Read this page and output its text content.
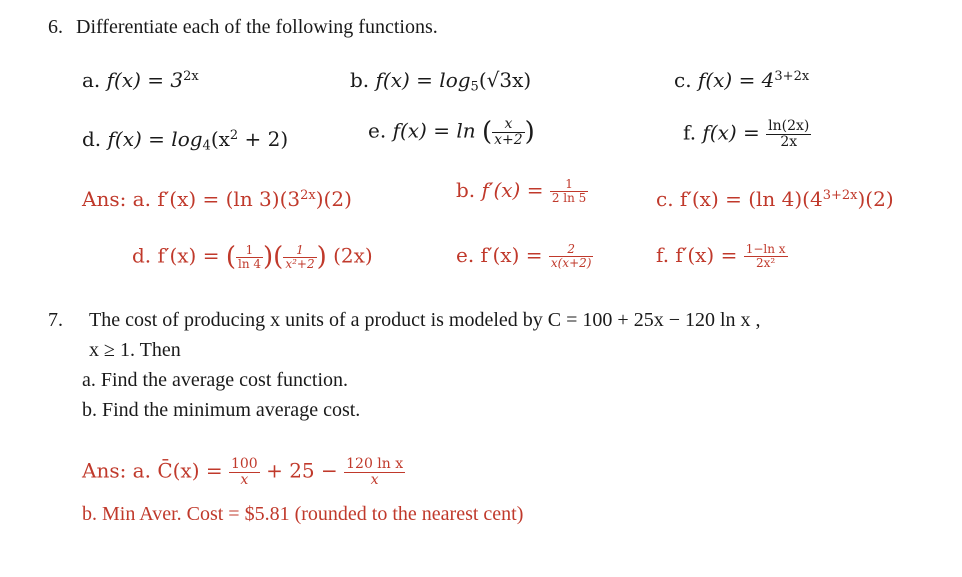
6. Differentiate each of the following functions.
a. $f(x) = 3^{2x}$	b. $f(x) = \log_5(√3x)$	c. $f(x) = 4^{3+2x}$
d. $f(x) = \log_4(x^2 + 2)$	e. f(x) = ln ( $\frac{x}{x+2}$ )	f. $f(x) = \frac{\ln(2x)}{2x}$
Ans: a. f′(x) = (ln $3)(3^{2x})(2)$	b. $f'(x) = \frac{1}{2 \ln 5}$	c. f′(x) = (ln $4)(4^{3+2x})(2)$
d. f′(x) = ( $\frac{1}{\ln 4}$ )( $\frac{1}{\text{x²+2}}$ ) (2x)	e. $f'(x) = \frac{2}{x(x+2)}$	f. $f'(x) = \frac{\text{1−ln x}}{\text{2x²}}$
7. The cost of producing x units of a product is modeled by C = 100 + 25x − 120 ln x ,
x ≥ 1. Then
a. Find the average cost function.
b. Find the minimum average cost.
Ans: a. C̄(x) = $\frac{100}{x} + 25 - \frac{\text{120 ln x}}{x}$
b. Min Aver. Cost = $5.81 (rounded to the nearest cent)
